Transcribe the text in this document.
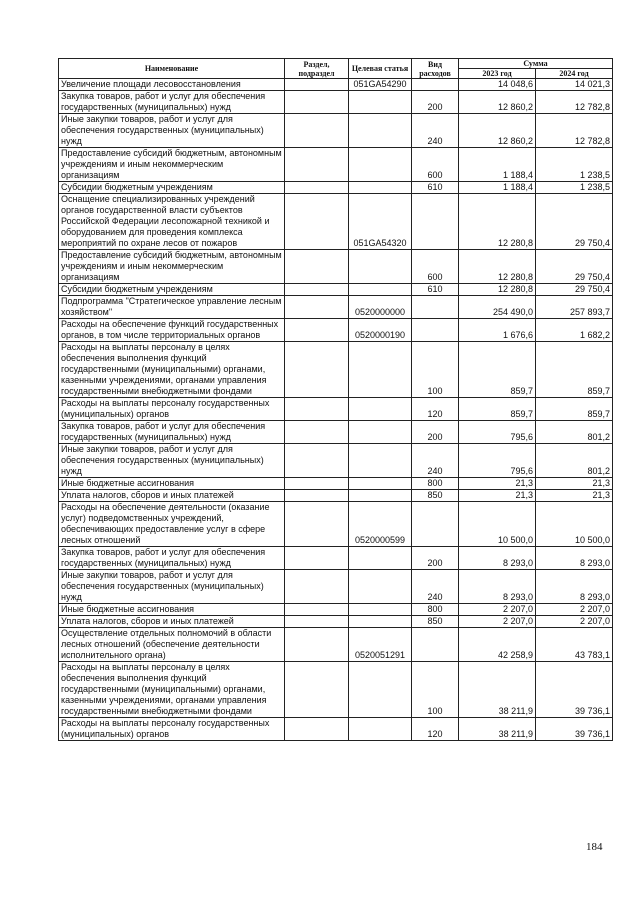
Наименование	Раздел, подраздел	Целевая статья	Вид расходов	Сумма	
				2023 год	2024 год
Увеличение площади лесовосстановления		051GA54290		14 048,6	14 021,3
Закупка товаров, работ и услуг для обеспечения государственных (муниципальных) нужд			200	12 860,2	12 782,8
Иные закупки товаров, работ и услуг для обеспечения государственных (муниципальных) нужд			240	12 860,2	12 782,8
Предоставление субсидий бюджетным, автономным учреждениям и иным некоммерческим организациям			600	1 188,4	1 238,5
Субсидии бюджетным учреждениям			610	1 188,4	1 238,5
Оснащение специализированных учреждений органов государственной власти субъектов Российской Федерации лесопожарной техникой и оборудованием для проведения комплекса мероприятий по охране лесов от пожаров		051GA54320		12 280,8	29 750,4
Предоставление субсидий бюджетным, автономным учреждениям и иным некоммерческим организациям			600	12 280,8	29 750,4
Субсидии бюджетным учреждениям			610	12 280,8	29 750,4
Подпрограмма "Стратегическое управление лесным хозяйством"		0520000000		254 490,0	257 893,7
Расходы на обеспечение функций государственных органов, в том числе территориальных органов		0520000190		1 676,6	1 682,2
Расходы на выплаты персоналу в целях обеспечения выполнения функций государственными (муниципальными) органами, казенными учреждениями, органами управления государственными внебюджетными фондами			100	859,7	859,7
Расходы на выплаты персоналу государственных (муниципальных) органов			120	859,7	859,7
Закупка товаров, работ и услуг для обеспечения государственных (муниципальных) нужд			200	795,6	801,2
Иные закупки товаров, работ и услуг для обеспечения государственных (муниципальных) нужд			240	795,6	801,2
Иные бюджетные ассигнования			800	21,3	21,3
Уплата налогов, сборов и иных платежей			850	21,3	21,3
Расходы на обеспечение деятельности (оказание услуг) подведомственных учреждений, обеспечивающих предоставление услуг в сфере лесных отношений		0520000599		10 500,0	10 500,0
Закупка товаров, работ и услуг для обеспечения государственных (муниципальных) нужд			200	8 293,0	8 293,0
Иные закупки товаров, работ и услуг для обеспечения государственных (муниципальных) нужд			240	8 293,0	8 293,0
Иные бюджетные ассигнования			800	2 207,0	2 207,0
Уплата налогов, сборов и иных платежей			850	2 207,0	2 207,0
Осуществление отдельных полномочий в области лесных отношений (обеспечение деятельности исполнительного органа)		0520051291		42 258,9	43 783,1
Расходы на выплаты персоналу в целях обеспечения выполнения функций государственными (муниципальными) органами, казенными учреждениями, органами управления государственными внебюджетными фондами			100	38 211,9	39 736,1
Расходы на выплаты персоналу государственных (муниципальных) органов			120	38 211,9	39 736,1
184
